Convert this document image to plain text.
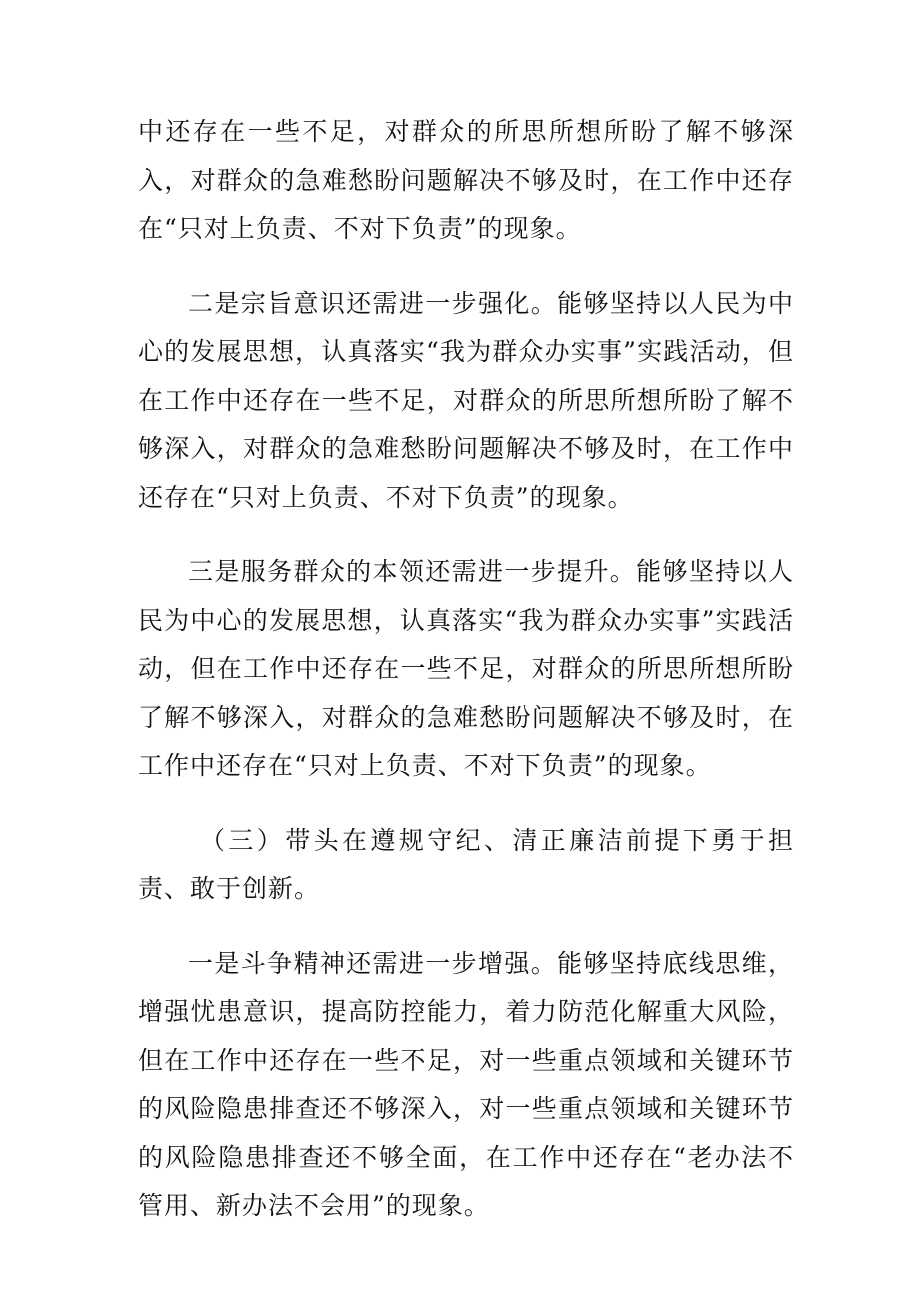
中还存在一些不足，对群众的所思所想所盼了解不够深入，对群众的急难愁盼问题解决不够及时，在工作中还存在“只对上负责、不对下负责”的现象。

二是宗旨意识还需进一步强化。能够坚持以人民为中心的发展思想，认真落实“我为群众办实事”实践活动，但在工作中还存在一些不足，对群众的所思所想所盼了解不够深入，对群众的急难愁盼问题解决不够及时，在工作中还存在“只对上负责、不对下负责”的现象。

三是服务群众的本领还需进一步提升。能够坚持以人民为中心的发展思想，认真落实“我为群众办实事”实践活动，但在工作中还存在一些不足，对群众的所思所想所盼了解不够深入，对群众的急难愁盼问题解决不够及时，在工作中还存在“只对上负责、不对下负责”的现象。

（三）带头在遵规守纪、清正廉洁前提下勇于担责、敢于创新。

一是斗争精神还需进一步增强。能够坚持底线思维，增强忧患意识，提高防控能力，着力防范化解重大风险，但在工作中还存在一些不足，对一些重点领域和关键环节的风险隐患排查还不够深入，对一些重点领域和关键环节的风险隐患排查还不够全面，在工作中还存在“老办法不管用、新办法不会用”的现象。
